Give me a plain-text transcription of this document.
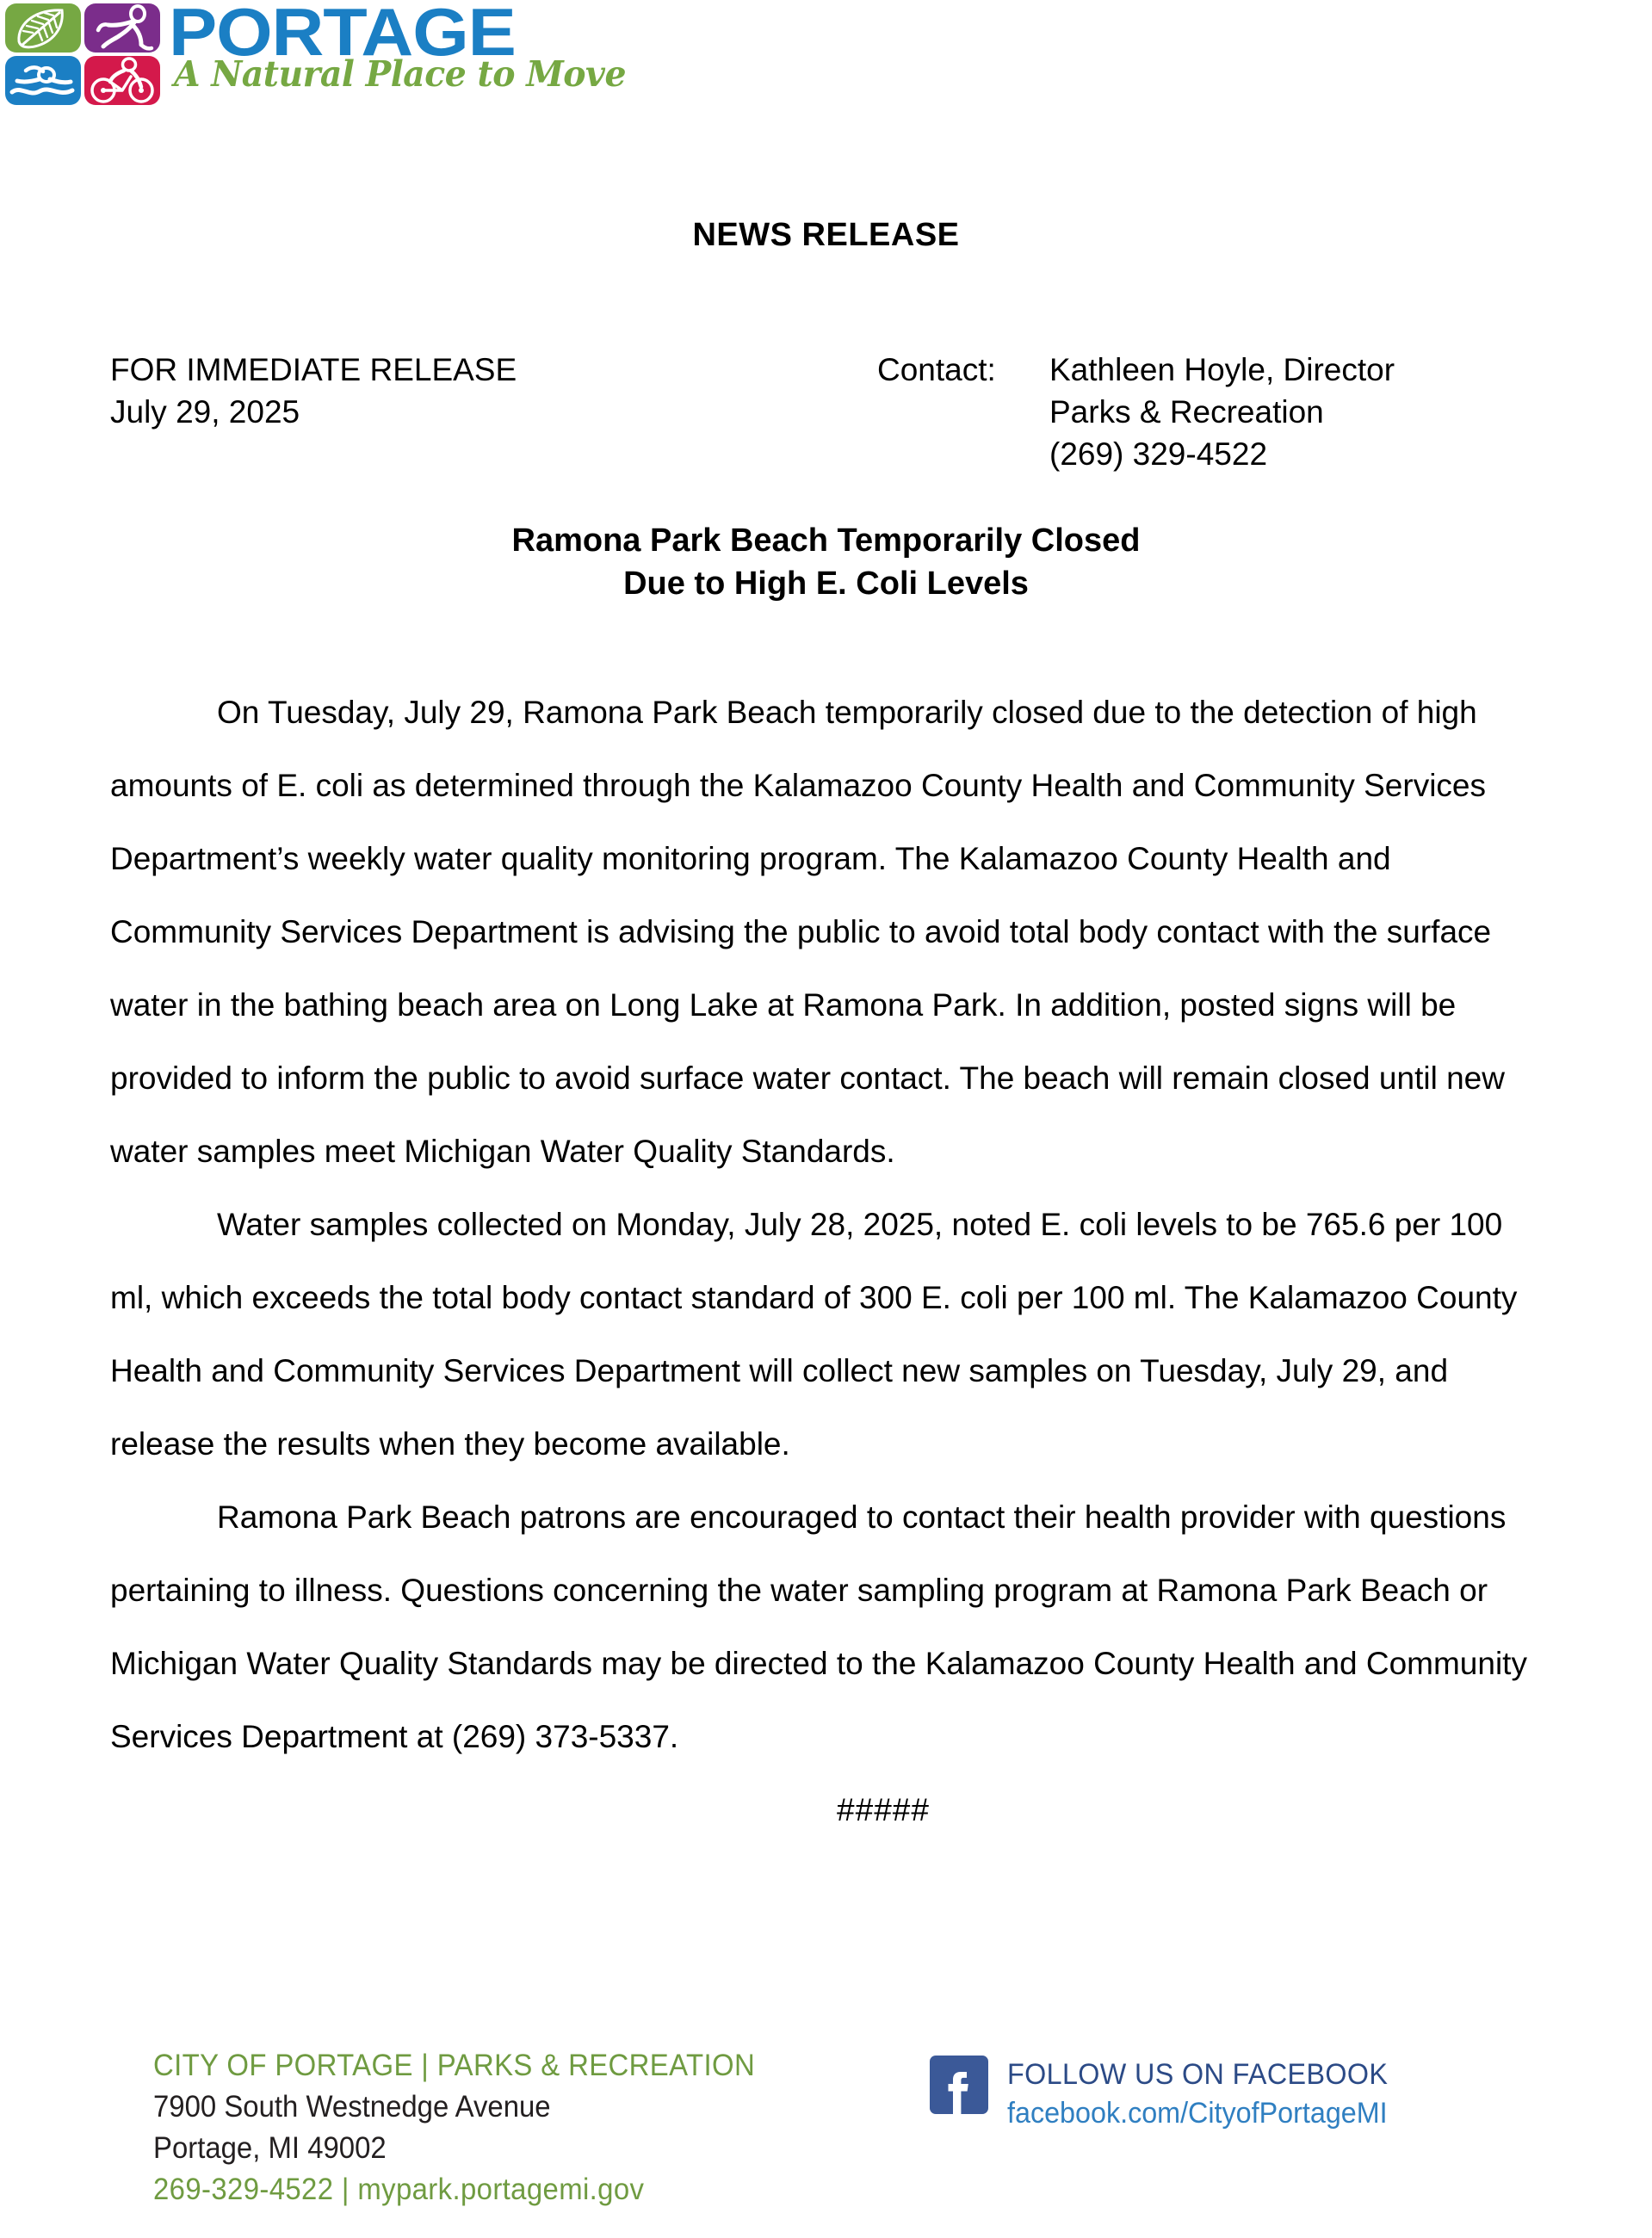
PORTAGE
A Natural Place to Move
NEWS RELEASE
FOR IMMEDIATE RELEASE
July 29, 2025
Contact:	Kathleen Hoyle, Director
Parks & Recreation
(269) 329-4522
Ramona Park Beach Temporarily Closed
Due to High E. Coli Levels

On Tuesday, July 29, Ramona Park Beach temporarily closed due to the detection of high amounts of E. coli as determined through the Kalamazoo County Health and Community Services Department’s weekly water quality monitoring program. The Kalamazoo County Health and Community Services Department is advising the public to avoid total body contact with the surface water in the bathing beach area on Long Lake at Ramona Park. In addition, posted signs will be provided to inform the public to avoid surface water contact. The beach will remain closed until new water samples meet Michigan Water Quality Standards.

Water samples collected on Monday, July 28, 2025, noted E. coli levels to be 765.6 per 100 ml, which exceeds the total body contact standard of 300 E. coli per 100 ml. The Kalamazoo County Health and Community Services Department will collect new samples on Tuesday, July 29, and release the results when they become available.

Ramona Park Beach patrons are encouraged to contact their health provider with questions pertaining to illness. Questions concerning the water sampling program at Ramona Park Beach or Michigan Water Quality Standards may be directed to the Kalamazoo County Health and Community Services Department at (269) 373-5337.

#####

CITY OF PORTAGE | PARKS & RECREATION
7900 South Westnedge Avenue
Portage, MI 49002
269-329-4522 | mypark.portagemi.gov
FOLLOW US ON FACEBOOK
facebook.com/CityofPortageMI
